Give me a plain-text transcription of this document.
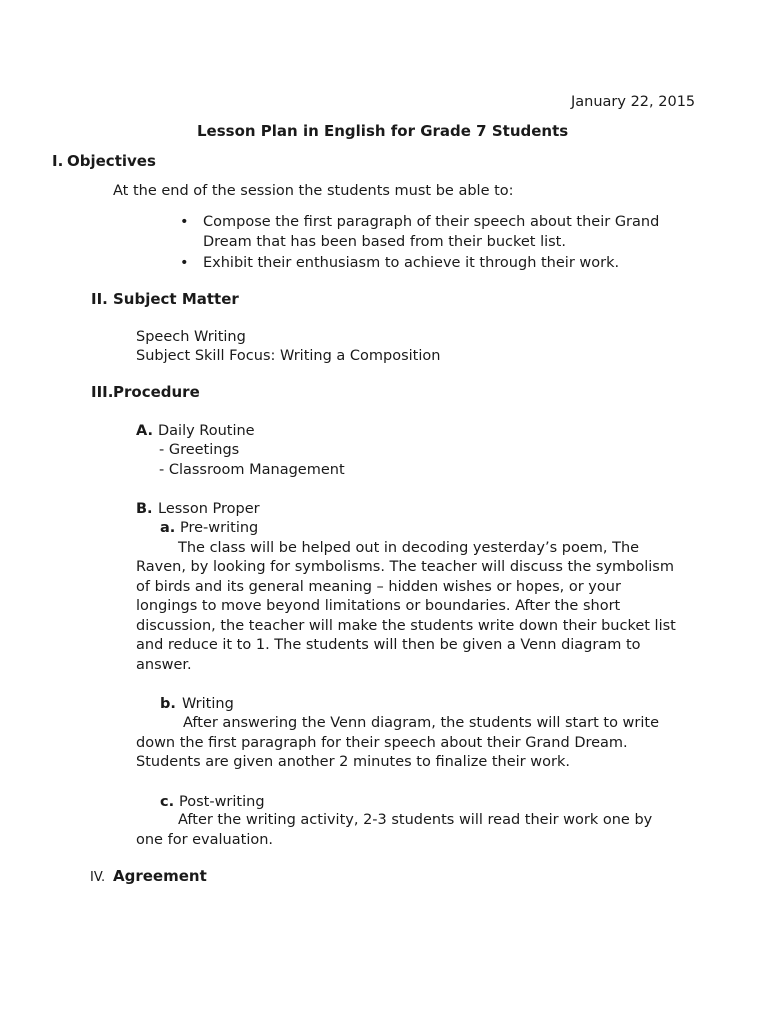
January 22, 2015
Lesson Plan in English for Grade 7 Students
I. Objectives
At the end of the session the students must be able to:
• Compose the first paragraph of their speech about their Grand
Dream that has been based from their bucket list.
• Exhibit their enthusiasm to achieve it through their work.
II. Subject Matter
Speech Writing
Subject Skill Focus: Writing a Composition
III. Procedure
A. Daily Routine
- Greetings
- Classroom Management
B. Lesson Proper
a. Pre-writing
The class will be helped out in decoding yesterday’s poem, The
Raven, by looking for symbolisms. The teacher will discuss the symbolism
of birds and its general meaning – hidden wishes or hopes, or your
longings to move beyond limitations or boundaries. After the short
discussion, the teacher will make the students write down their bucket list
and reduce it to 1. The students will then be given a Venn diagram to
answer.
b. Writing
After answering the Venn diagram, the students will start to write
down the first paragraph for their speech about their Grand Dream.
Students are given another 2 minutes to finalize their work.
c. Post-writing
After the writing activity, 2-3 students will read their work one by
one for evaluation.
IV. Agreement
